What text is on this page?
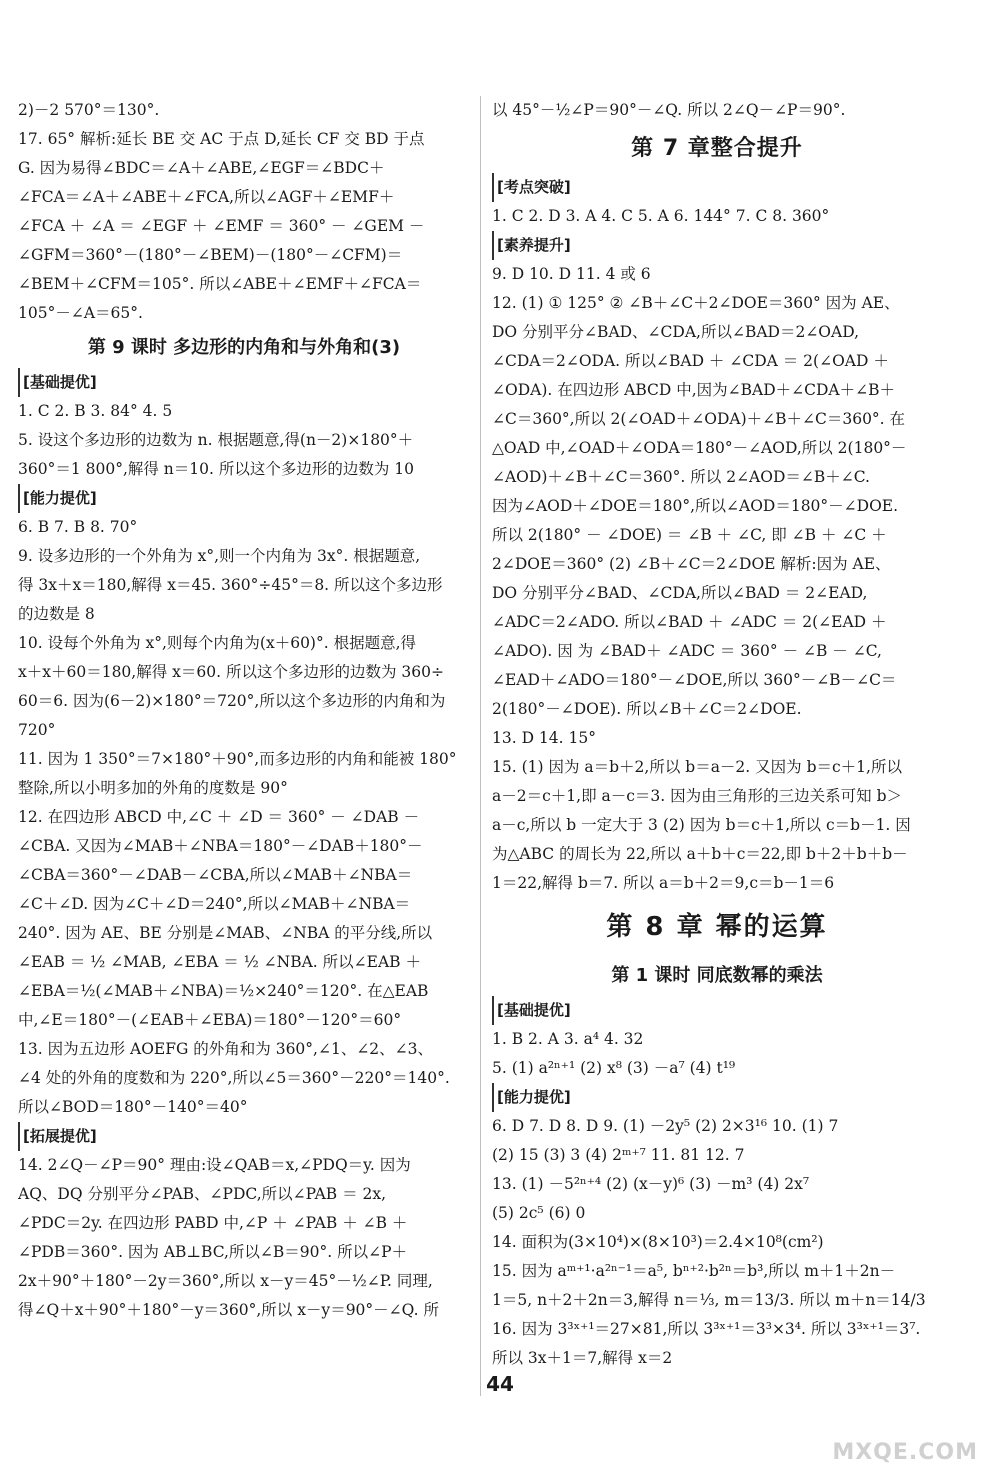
2)－2 570°＝130°.
17. 65° 解析:延长 BE 交 AC 于点 D,延长 CF 交 BD 于点
G. 因为易得∠BDC＝∠A＋∠ABE,∠EGF＝∠BDC＋
∠FCA＝∠A＋∠ABE＋∠FCA,所以∠AGF＋∠EMF＋
∠FCA ＋ ∠A ＝ ∠EGF ＋ ∠EMF ＝ 360° － ∠GEM －
∠GFM＝360°－(180°－∠BEM)－(180°－∠CFM)＝
∠BEM＋∠CFM＝105°. 所以∠ABE＋∠EMF＋∠FCA＝
105°－∠A＝65°.
第 9 课时 多边形的内角和与外角和(3)
[基础提优]
1. C 2. B 3. 84° 4. 5
5. 设这个多边形的边数为 n. 根据题意,得(n－2)×180°＋
360°＝1 800°,解得 n＝10. 所以这个多边形的边数为 10
[能力提优]
6. B 7. B 8. 70°
9. 设多边形的一个外角为 x°,则一个内角为 3x°. 根据题意,
得 3x＋x＝180,解得 x＝45. 360°÷45°＝8. 所以这个多边形
的边数是 8
10. 设每个外角为 x°,则每个内角为(x＋60)°. 根据题意,得
x＋x＋60＝180,解得 x＝60. 所以这个多边形的边数为 360÷
60＝6. 因为(6－2)×180°＝720°,所以这个多边形的内角和为
720°
11. 因为 1 350°＝7×180°＋90°,而多边形的内角和能被 180°
整除,所以小明多加的外角的度数是 90°
12. 在四边形 ABCD 中,∠C ＋ ∠D ＝ 360° － ∠DAB －
∠CBA. 又因为∠MAB＋∠NBA＝180°－∠DAB＋180°－
∠CBA＝360°－∠DAB－∠CBA,所以∠MAB＋∠NBA＝
∠C＋∠D. 因为∠C＋∠D＝240°,所以∠MAB＋∠NBA＝
240°. 因为 AE、BE 分别是∠MAB、∠NBA 的平分线,所以
∠EAB ＝ ½ ∠MAB, ∠EBA ＝ ½ ∠NBA. 所以∠EAB ＋
∠EBA＝½(∠MAB＋∠NBA)＝½×240°＝120°. 在△EAB
中,∠E＝180°－(∠EAB＋∠EBA)＝180°－120°＝60°
13. 因为五边形 AOEFG 的外角和为 360°,∠1、∠2、∠3、
∠4 处的外角的度数和为 220°,所以∠5＝360°－220°＝140°.
所以∠BOD＝180°－140°＝40°
[拓展提优]
14. 2∠Q－∠P＝90° 理由:设∠QAB＝x,∠PDQ＝y. 因为
AQ、DQ 分别平分∠PAB、∠PDC,所以∠PAB ＝ 2x,
∠PDC＝2y. 在四边形 PABD 中,∠P ＋ ∠PAB ＋ ∠B ＋
∠PDB＝360°. 因为 AB⊥BC,所以∠B＝90°. 所以∠P＋
2x＋90°＋180°－2y＝360°,所以 x－y＝45°－½∠P. 同理,
得∠Q＋x＋90°＋180°－y＝360°,所以 x－y＝90°－∠Q. 所
以 45°－½∠P＝90°－∠Q. 所以 2∠Q－∠P＝90°.
第 7 章整合提升
[考点突破]
1. C 2. D 3. A 4. C 5. A 6. 144° 7. C 8. 360°
[素养提升]
9. D 10. D 11. 4 或 6
12. (1) ① 125° ② ∠B＋∠C＋2∠DOE＝360° 因为 AE、
DO 分别平分∠BAD、∠CDA,所以∠BAD＝2∠OAD,
∠CDA＝2∠ODA. 所以∠BAD ＋ ∠CDA ＝ 2(∠OAD ＋
∠ODA). 在四边形 ABCD 中,因为∠BAD＋∠CDA＋∠B＋
∠C＝360°,所以 2(∠OAD＋∠ODA)＋∠B＋∠C＝360°. 在
△OAD 中,∠OAD＋∠ODA＝180°－∠AOD,所以 2(180°－
∠AOD)＋∠B＋∠C＝360°. 所以 2∠AOD＝∠B＋∠C.
因为∠AOD＋∠DOE＝180°,所以∠AOD＝180°－∠DOE.
所以 2(180° － ∠DOE) ＝ ∠B ＋ ∠C, 即 ∠B ＋ ∠C ＋
2∠DOE＝360° (2) ∠B＋∠C＝2∠DOE 解析:因为 AE、
DO 分别平分∠BAD、∠CDA,所以∠BAD ＝ 2∠EAD,
∠ADC＝2∠ADO. 所以∠BAD ＋ ∠ADC ＝ 2(∠EAD ＋
∠ADO). 因 为 ∠BAD＋ ∠ADC ＝ 360° － ∠B － ∠C,
∠EAD＋∠ADO＝180°－∠DOE,所以 360°－∠B－∠C＝
2(180°－∠DOE). 所以∠B＋∠C＝2∠DOE.
13. D 14. 15°
15. (1) 因为 a＝b＋2,所以 b＝a－2. 又因为 b＝c＋1,所以
a－2＝c＋1,即 a－c＝3. 因为由三角形的三边关系可知 b＞
a－c,所以 b 一定大于 3 (2) 因为 b＝c＋1,所以 c＝b－1. 因
为△ABC 的周长为 22,所以 a＋b＋c＝22,即 b＋2＋b＋b－
1＝22,解得 b＝7. 所以 a＝b＋2＝9,c＝b－1＝6
第 8 章 幂的运算
第 1 课时 同底数幂的乘法
[基础提优]
1. B 2. A 3. a⁴ 4. 32
5. (1) a²ⁿ⁺¹ (2) x⁸ (3) －a⁷ (4) t¹⁹
[能力提优]
6. D 7. D 8. D 9. (1) －2y⁵ (2) 2×3¹⁶ 10. (1) 7
(2) 15 (3) 3 (4) 2ᵐ⁺⁷ 11. 81 12. 7
13. (1) －5²ⁿ⁺⁴ (2) (x－y)⁶ (3) －m³ (4) 2x⁷
(5) 2c⁵ (6) 0
14. 面积为(3×10⁴)×(8×10³)＝2.4×10⁸(cm²)
15. 因为 aᵐ⁺¹·a²ⁿ⁻¹＝a⁵, bⁿ⁺²·b²ⁿ＝b³,所以 m＋1＋2n－
1＝5, n＋2＋2n＝3,解得 n＝⅓, m＝13/3. 所以 m＋n＝14/3
16. 因为 3³ˣ⁺¹＝27×81,所以 3³ˣ⁺¹＝3³×3⁴. 所以 3³ˣ⁺¹＝3⁷.
所以 3x＋1＝7,解得 x＝2
44
MXQE.COM
